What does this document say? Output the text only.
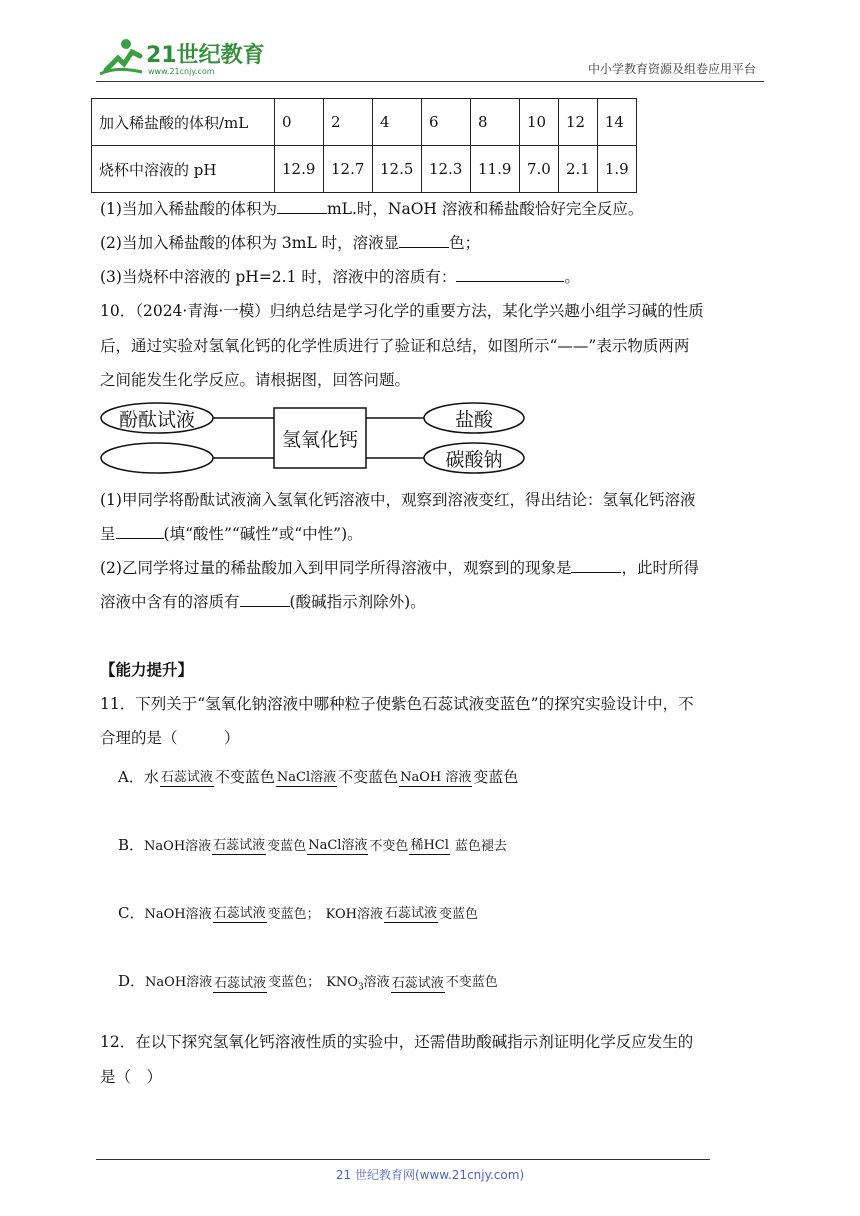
21世纪教育
www.21cnjy.com	中小学教育资源及组卷应用平台
加入稀盐酸的体积/mL	0	2	4	6	8	10	12	14
烧杯中溶液的 pH	12.9	12.7	12.5	12.3	11.9	7.0	2.1	1.9
(1)当加入稀盐酸的体积为	mL.时，NaOH 溶液和稀盐酸恰好完全反应。
(2)当加入稀盐酸的体积为 3mL 时，溶液显	色；
(3)当烧杯中溶液的 pH=2.1 时，溶液中的溶质有：	。
10．（2024·青海·一模）归纳总结是学习化学的重要方法，某化学兴趣小组学习碱的性质
后，通过实验对氢氧化钙的化学性质进行了验证和总结，如图所示“——”表示物质两两
之间能发生化学反应。请根据图，回答问题。
酚酞试液
氢氧化钙
盐酸
碳酸钠
(1)甲同学将酚酞试液滴入氢氧化钙溶液中，观察到溶液变红，得出结论：氢氧化钙溶液
呈	(填“酸性”“碱性”或“中性”)。
(2)乙同学将过量的稀盐酸加入到甲同学所得溶液中，观察到的现象是	，此时所得
溶液中含有的溶质有	(酸碱指示剂除外)。
【能力提升】
11．下列关于“氢氧化钠溶液中哪种粒子使紫色石蕊试液变蓝色”的探究实验设计中，不
合理的是（　　　）
A．水 石蕊试液 不变蓝色 NaCl溶液 不变蓝色 NaOH 溶液 变蓝色
B．NaOH溶液 石蕊试液 变蓝色 NaCl溶液 不变色 稀HCl 蓝色褪去
C．NaOH溶液 石蕊试液 变蓝色； KOH溶液 石蕊试液 变蓝色
D．NaOH溶液 石蕊试液 变蓝色； $KNO_3$溶液 石蕊试液 不变蓝色
12．在以下探究氢氧化钙溶液性质的实验中，还需借助酸碱指示剂证明化学反应发生的
是（　）
21 世纪教育网(www.21cnjy.com)
